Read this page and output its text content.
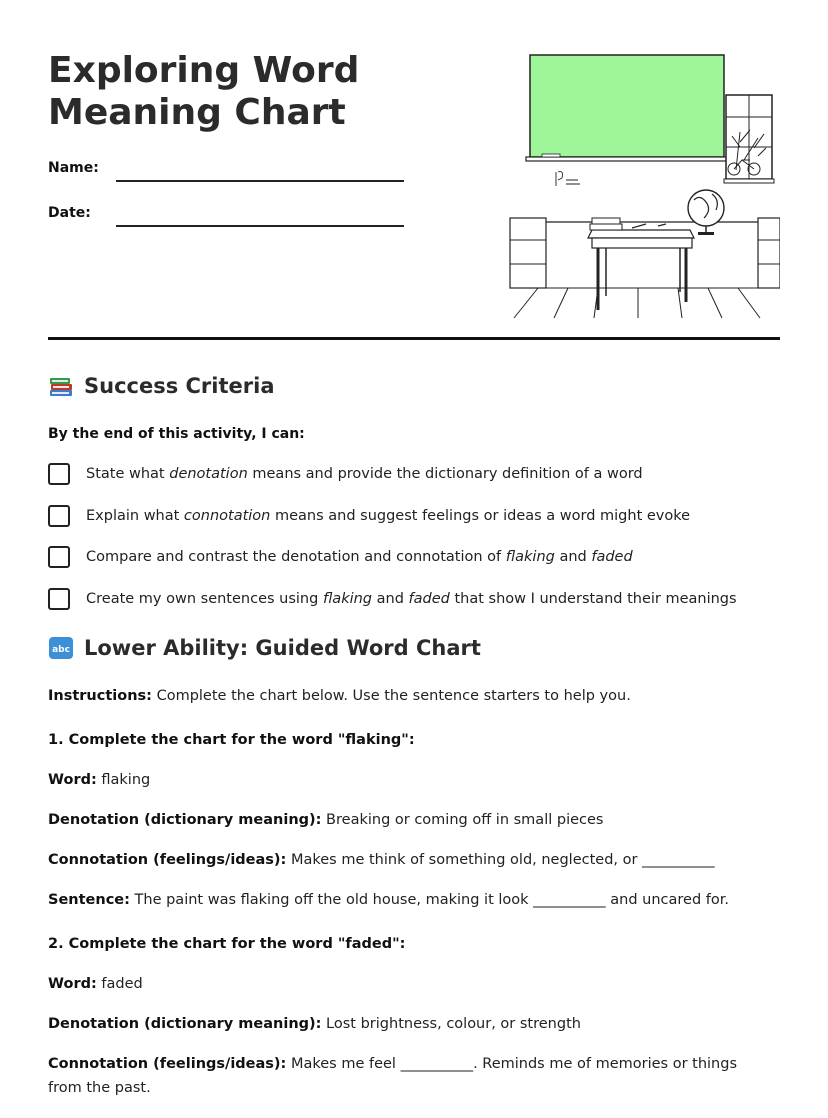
Exploring Word
Meaning Chart
Name:
Date:
Success Criteria
By the end of this activity, I can:
State what denotation means and provide the dictionary definition of a word
Explain what connotation means and suggest feelings or ideas a word might evoke
Compare and contrast the denotation and connotation of flaking and faded
Create my own sentences using flaking and faded that show I understand their meanings
abc Lower Ability: Guided Word Chart
Instructions: Complete the chart below. Use the sentence starters to help you.
1. Complete the chart for the word "flaking":
Word: flaking
Denotation (dictionary meaning): Breaking or coming off in small pieces
Connotation (feelings/ideas): Makes me think of something old, neglected, or __________
Sentence: The paint was flaking off the old house, making it look __________ and uncared for.
2. Complete the chart for the word "faded":
Word: faded
Denotation (dictionary meaning): Lost brightness, colour, or strength
Connotation (feelings/ideas): Makes me feel __________. Reminds me of memories or things from the past.
